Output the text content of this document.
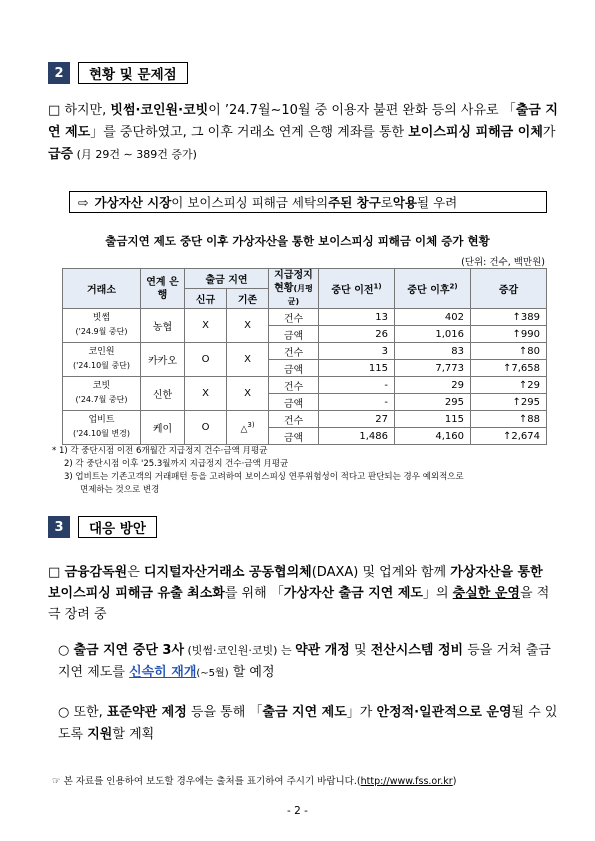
2	현황 및 문제점
□ 하지만, 빗썸·코인원·코빗이 ’24.7월∼10월 중 이용자 불편 완화 등의 사유로 「출금 지연 제도」를 중단하였고, 그 이후 거래소 연계 은행 계좌를 통한 보이스피싱 피해금 이체가 급증 (月 29건 ∼ 389건 증가)
⇨ 가상자산 시장 이 보이스피싱 피해금 세탁의 주된 창구 로 악용 될 우려
출금지연 제도 중단 이후 가상자산을 통한 보이스피싱 피해금 이체 증가 현황
(단위: 건수, 백만원)
거래소	연계 은행	출금 지연		지급정지 현황(月평균)	중단 이전$^{1)}$	중단 이후$^{2)}$	증감
		신규	기존				
빗썸
('24.9월 중단)	농협	X	X	건수	13	402	↑389
				금액	26	1,016	↑990
코인원
('24.10월 중단)	카카오	O	X	건수	3	83	↑80
				금액	115	7,773	↑7,658
코빗
('24.7월 중단)	신한	X	X	건수	-	29	↑29
				금액	-	295	↑295
업비트
('24.10월 변경)	케이	O	△$^{3)}$	건수	27	115	↑88
				금액	1,486	4,160	↑2,674
* 1) 각 중단시점 이전 6개월간 지급정지 건수·금액 月평균
2) 각 중단시점 이후 '25.3월까지 지급정지 건수·금액 月평균
3) 업비트는 기존고객의 거래패턴 등을 고려하여 보이스피싱 연루위험성이 적다고 판단되는 경우 예외적으로
면제하는 것으로 변경
3	대응 방안
□ 금융감독원은 디지털자산거래소 공동협의체(DAXA) 및 업계와 함께 가상자산을 통한 보이스피싱 피해금 유출 최소화를 위해 「가상자산 출금 지연 제도」의 충실한 운영을 적극 장려 중
○ 출금 지연 중단 3사 (빗썸·코인원·코빗) 는 약관 개정 및 전산시스템 정비 등을 거쳐 출금 지연 제도를 신속히 재개(∼5월) 할 예정
○ 또한, 표준약관 제정 등을 통해 「출금 지연 제도」가 안정적·일관적으로 운영될 수 있도록 지원할 계획
☞ 본 자료를 인용하여 보도할 경우에는 출처를 표기하여 주시기 바랍니다.(http://www.fss.or.kr)
- 2 -
